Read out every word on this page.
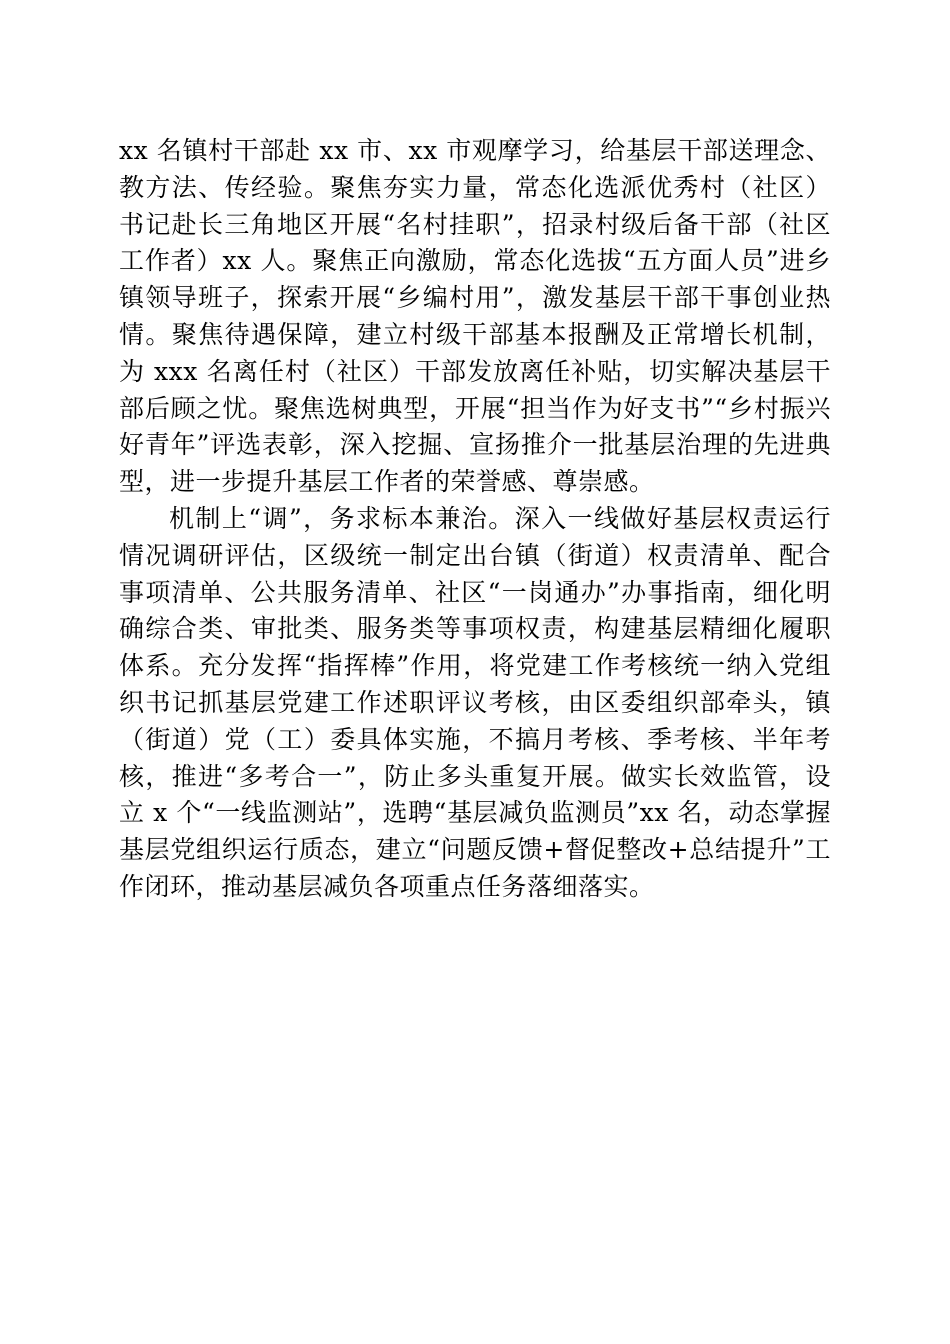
xx 名镇村干部赴 xx 市、xx 市观摩学习，给基层干部送理念、教方法、传经验。聚焦夯实力量，常态化选派优秀村（社区）书记赴长三角地区开展“名村挂职”，招录村级后备干部（社区工作者）xx 人。聚焦正向激励，常态化选拔“五方面人员”进乡镇领导班子，探索开展“乡编村用”，激发基层干部干事创业热情。聚焦待遇保障，建立村级干部基本报酬及正常增长机制，为 xxx 名离任村（社区）干部发放离任补贴，切实解决基层干部后顾之忧。聚焦选树典型，开展“担当作为好支书”“乡村振兴好青年”评选表彰，深入挖掘、宣扬推介一批基层治理的先进典型，进一步提升基层工作者的荣誉感、尊崇感。

机制上“调”，务求标本兼治。深入一线做好基层权责运行情况调研评估，区级统一制定出台镇（街道）权责清单、配合事项清单、公共服务清单、社区“一岗通办”办事指南，细化明确综合类、审批类、服务类等事项权责，构建基层精细化履职体系。充分发挥“指挥棒”作用，将党建工作考核统一纳入党组织书记抓基层党建工作述职评议考核，由区委组织部牵头，镇（街道）党（工）委具体实施，不搞月考核、季考核、半年考核，推进“多考合一”，防止多头重复开展。做实长效监管，设立 x 个“一线监测站”，选聘“基层减负监测员”xx 名，动态掌握基层党组织运行质态，建立“问题反馈+督促整改+总结提升”工作闭环，推动基层减负各项重点任务落细落实。
